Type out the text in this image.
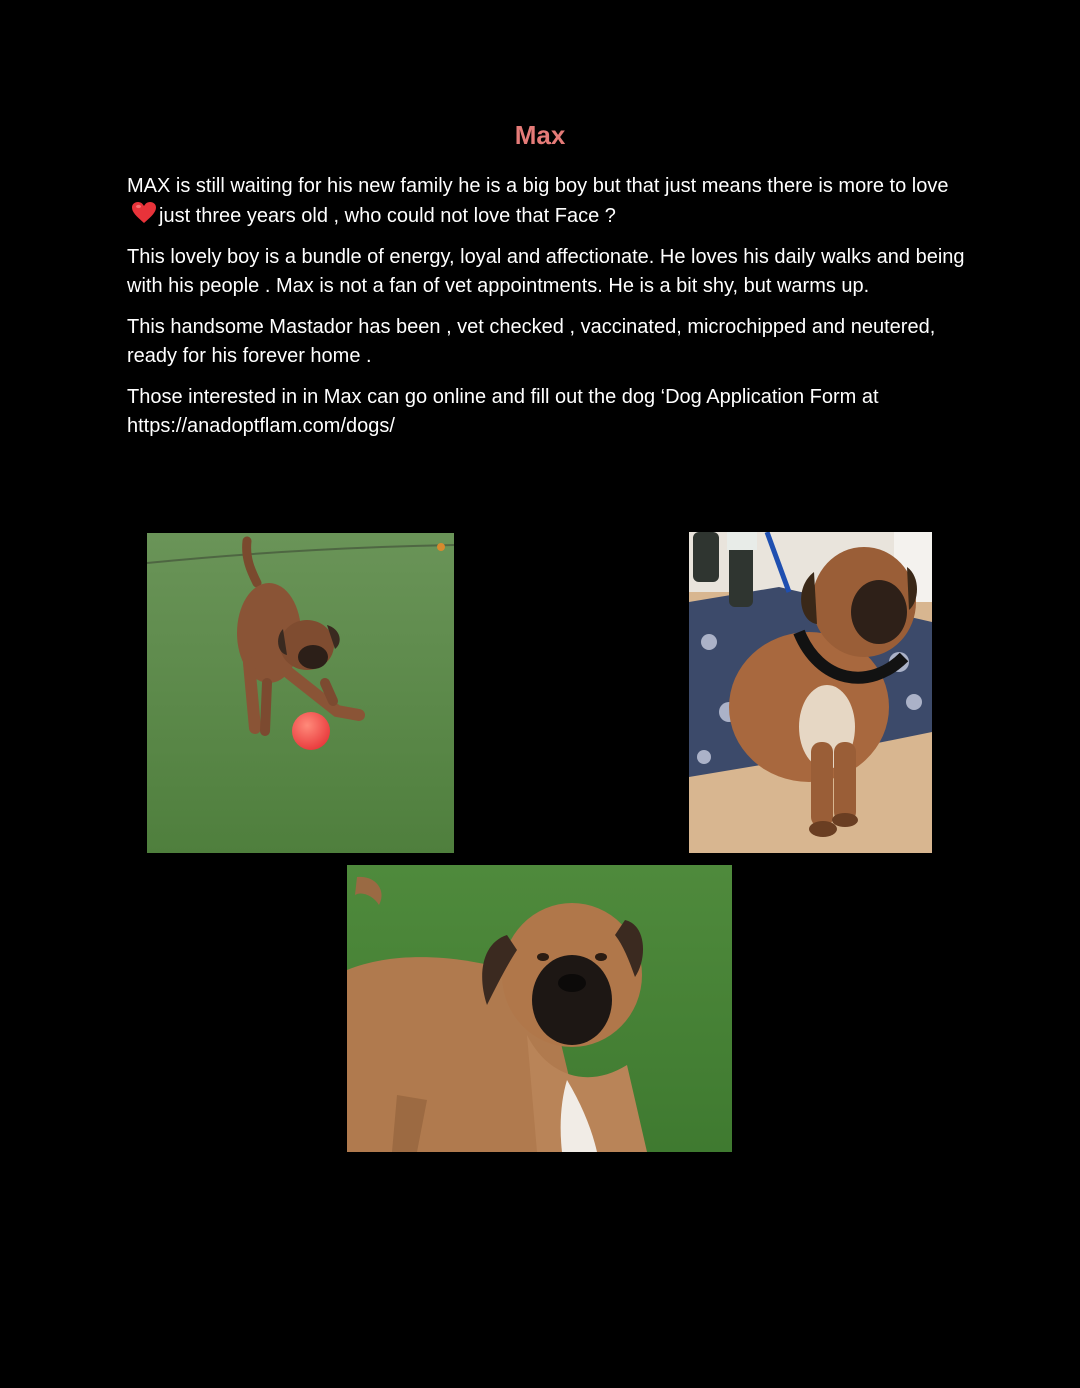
Max

MAX is still waiting for his new family he is a big boy but that just means there is more to love just three years old , who could not love that Face ?

This lovely boy is a bundle of energy, loyal and affectionate. He loves his daily walks and being with his people . Max is not a fan of vet appointments. He is a bit shy, but warms up.

This handsome Mastador has been , vet checked , vaccinated, microchipped and neutered, ready for his forever home .

Those interested in in Max can go online and fill out the dog ‘Dog Application Form at
https://anadoptflam.com/dogs/
